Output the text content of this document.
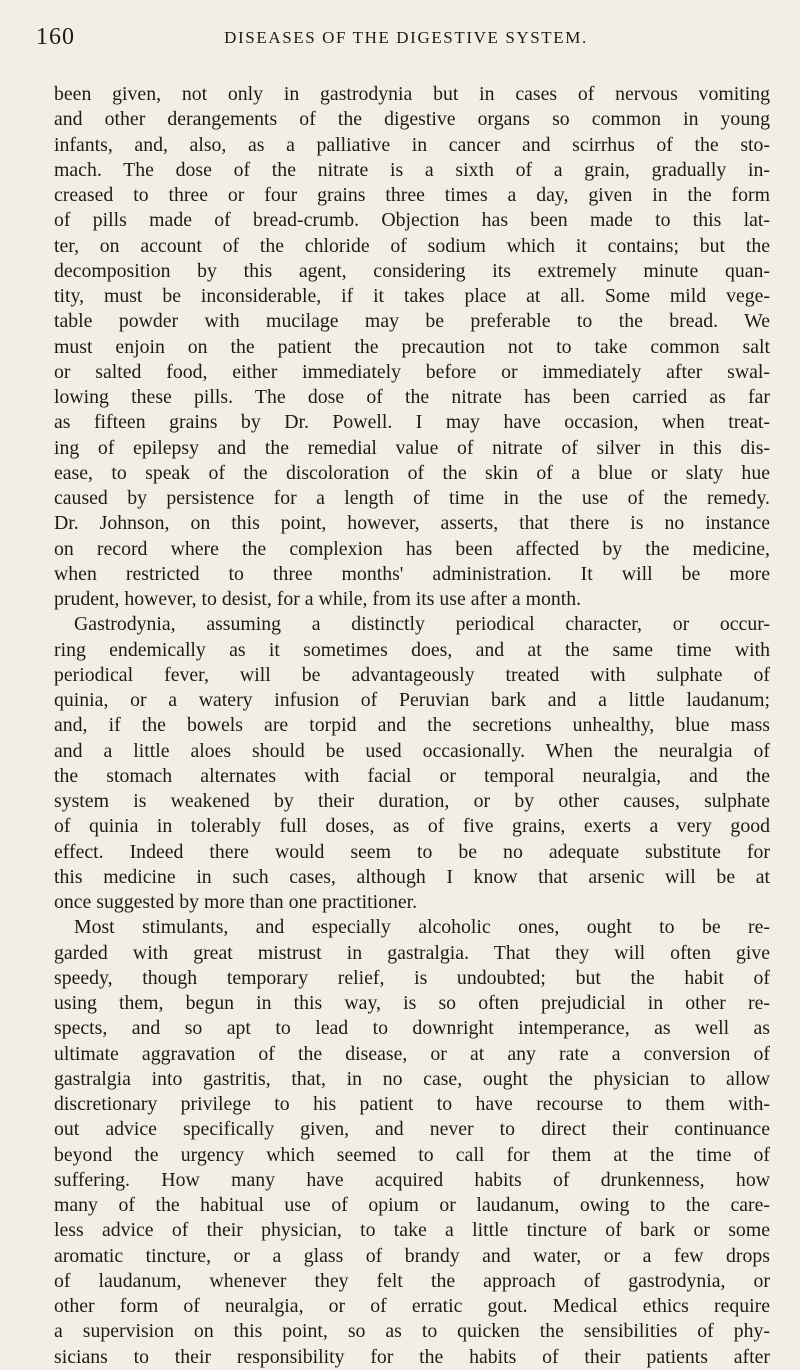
160	DISEASES OF THE DIGESTIVE SYSTEM.
been given, not only in gastrodynia but in cases of nervous vomiting
and other derangements of the digestive organs so common in young
infants, and, also, as a palliative in cancer and scirrhus of the sto-
mach. The dose of the nitrate is a sixth of a grain, gradually in-
creased to three or four grains three times a day, given in the form
of pills made of bread-crumb. Objection has been made to this lat-
ter, on account of the chloride of sodium which it contains; but the
decomposition by this agent, considering its extremely minute quan-
tity, must be inconsiderable, if it takes place at all. Some mild vege-
table powder with mucilage may be preferable to the bread. We
must enjoin on the patient the precaution not to take common salt
or salted food, either immediately before or immediately after swal-
lowing these pills. The dose of the nitrate has been carried as far
as fifteen grains by Dr. Powell. I may have occasion, when treat-
ing of epilepsy and the remedial value of nitrate of silver in this dis-
ease, to speak of the discoloration of the skin of a blue or slaty hue
caused by persistence for a length of time in the use of the remedy.
Dr. Johnson, on this point, however, asserts, that there is no instance
on record where the complexion has been affected by the medicine,
when restricted to three months' administration. It will be more
prudent, however, to desist, for a while, from its use after a month.
Gastrodynia, assuming a distinctly periodical character, or occur-
ring endemically as it sometimes does, and at the same time with
periodical fever, will be advantageously treated with sulphate of
quinia, or a watery infusion of Peruvian bark and a little laudanum;
and, if the bowels are torpid and the secretions unhealthy, blue mass
and a little aloes should be used occasionally. When the neuralgia of
the stomach alternates with facial or temporal neuralgia, and the
system is weakened by their duration, or by other causes, sulphate
of quinia in tolerably full doses, as of five grains, exerts a very good
effect. Indeed there would seem to be no adequate substitute for
this medicine in such cases, although I know that arsenic will be at
once suggested by more than one practitioner.
Most stimulants, and especially alcoholic ones, ought to be re-
garded with great mistrust in gastralgia. That they will often give
speedy, though temporary relief, is undoubted; but the habit of
using them, begun in this way, is so often prejudicial in other re-
spects, and so apt to lead to downright intemperance, as well as
ultimate aggravation of the disease, or at any rate a conversion of
gastralgia into gastritis, that, in no case, ought the physician to allow
discretionary privilege to his patient to have recourse to them with-
out advice specifically given, and never to direct their continuance
beyond the urgency which seemed to call for them at the time of
suffering. How many have acquired habits of drunkenness, how
many of the habitual use of opium or laudanum, owing to the care-
less advice of their physician, to take a little tincture of bark or some
aromatic tincture, or a glass of brandy and water, or a few drops
of laudanum, whenever they felt the approach of gastrodynia, or
other form of neuralgia, or of erratic gout. Medical ethics require
a supervision on this point, so as to quicken the sensibilities of phy-
sicians to their responsibility for the habits of their patients after
